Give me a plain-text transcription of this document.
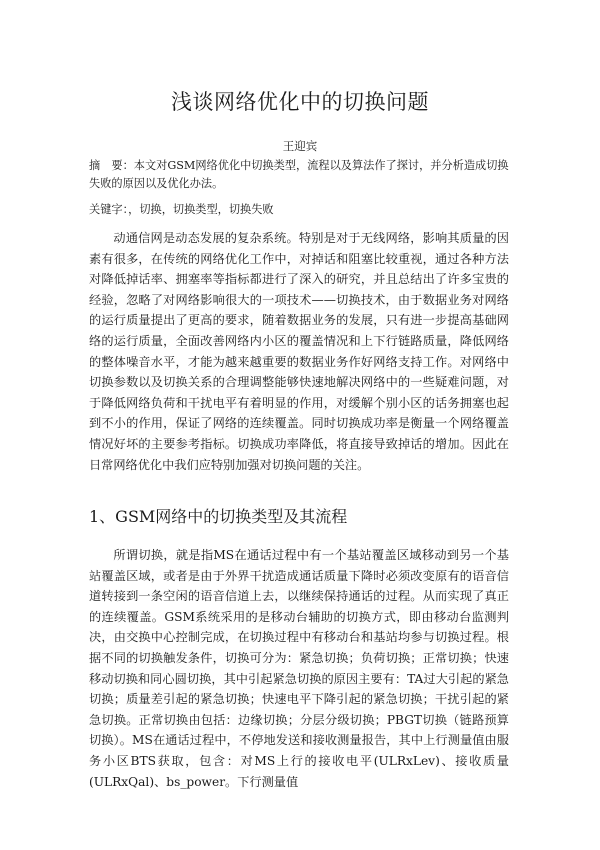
浅谈网络优化中的切换问题
王迎宾

摘　要：本文对GSM网络优化中切换类型，流程以及算法作了探讨，并分析造成切换失败的原因以及优化办法。

关键字：，切换，切换类型，切换失败

动通信网是动态发展的复杂系统。特别是对于无线网络，影响其质量的因素有很多，在传统的网络优化工作中，对掉话和阻塞比较重视，通过各种方法对降低掉话率、拥塞率等指标都进行了深入的研究，并且总结出了许多宝贵的经验，忽略了对网络影响很大的一项技术——切换技术，由于数据业务对网络的运行质量提出了更高的要求，随着数据业务的发展，只有进一步提高基础网络的运行质量，全面改善网络内小区的覆盖情况和上下行链路质量，降低网络的整体噪音水平，才能为越来越重要的数据业务作好网络支持工作。对网络中切换参数以及切换关系的合理调整能够快速地解决网络中的一些疑难问题，对于降低网络负荷和干扰电平有着明显的作用，对缓解个别小区的话务拥塞也起到不小的作用，保证了网络的连续覆盖。同时切换成功率是衡量一个网络覆盖情况好坏的主要参考指标。切换成功率降低，将直接导致掉话的增加。因此在日常网络优化中我们应特别加强对切换问题的关注。

1、GSM网络中的切换类型及其流程

所谓切换，就是指MS在通话过程中有一个基站覆盖区域移动到另一个基站覆盖区域，或者是由于外界干扰造成通话质量下降时必须改变原有的语音信道转接到一条空闲的语音信道上去，以继续保持通话的过程。从而实现了真正的连续覆盖。GSM系统采用的是移动台辅助的切换方式，即由移动台监测判决，由交换中心控制完成，在切换过程中有移动台和基站均参与切换过程。根据不同的切换触发条件，切换可分为：紧急切换；负荷切换；正常切换；快速移动切换和同心圆切换，其中引起紧急切换的原因主要有：TA过大引起的紧急切换；质量差引起的紧急切换；快速电平下降引起的紧急切换；干扰引起的紧急切换。正常切换由包括：边缘切换；分层分级切换；PBGT切换（链路预算切换）。MS在通话过程中，不停地发送和接收测量报告，其中上行测量值由服务小区BTS获取，包含：对MS上行的接收电平(ULRxLev)、接收质量(ULRxQal)、bs_power。下行测量值
